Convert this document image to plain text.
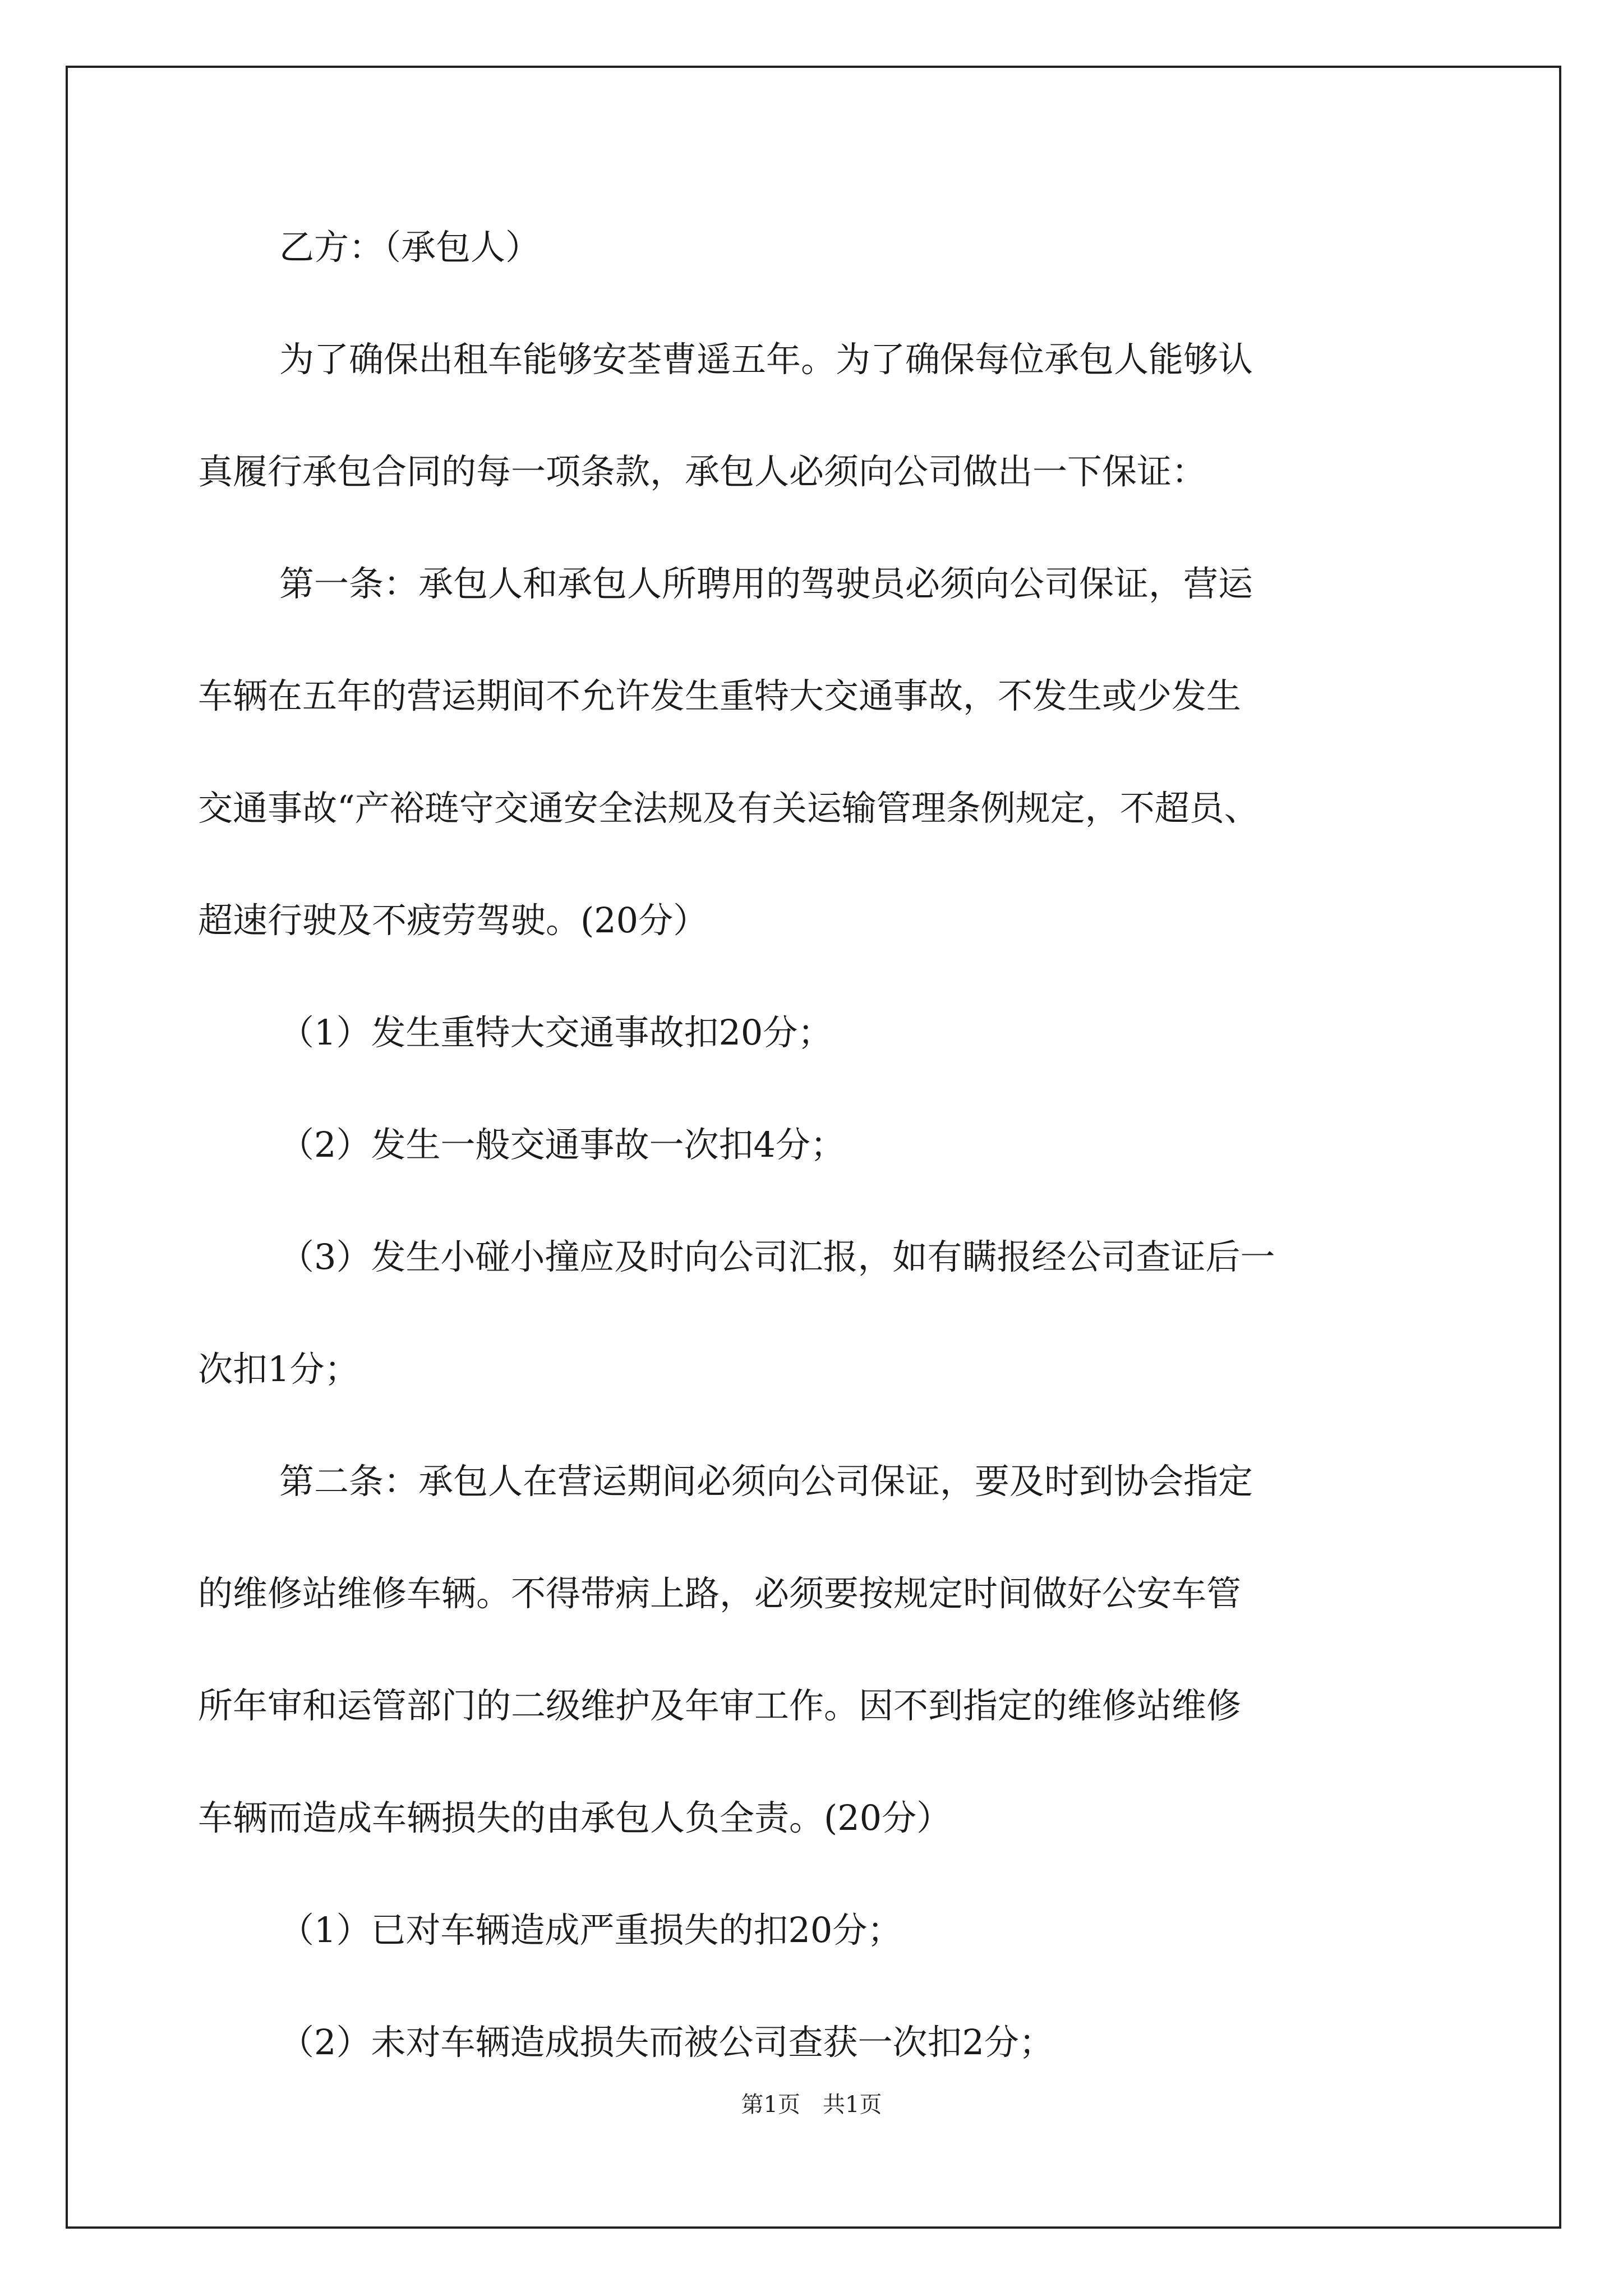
乙方：（承包人）
为了确保出租车能够安荃曹遥五年。为了确保每位承包人能够认
真履行承包合同的每一项条款，承包人必须向公司做出一下保证：
第一条：承包人和承包人所聘用的驾驶员必须向公司保证，营运
车辆在五年的营运期间不允许发生重特大交通事故，不发生或少发生
交通事故“产裕琏守交通安全法规及有关运输管理条例规定，不超员、
超速行驶及不疲劳驾驶。(20分）
（1）发生重特大交通事故扣20分；
（2）发生一般交通事故一次扣4分；
（3）发生小碰小撞应及时向公司汇报，如有瞒报经公司查证后一
次扣1分；
第二条：承包人在营运期间必须向公司保证，要及时到协会指定
的维修站维修车辆。不得带病上路，必须要按规定时间做好公安车管
所年审和运管部门的二级维护及年审工作。因不到指定的维修站维修
车辆而造成车辆损失的由承包人负全责。(20分）
（1）已对车辆造成严重损失的扣20分；
（2）未对车辆造成损失而被公司查获一次扣2分；
第1页　共1页
